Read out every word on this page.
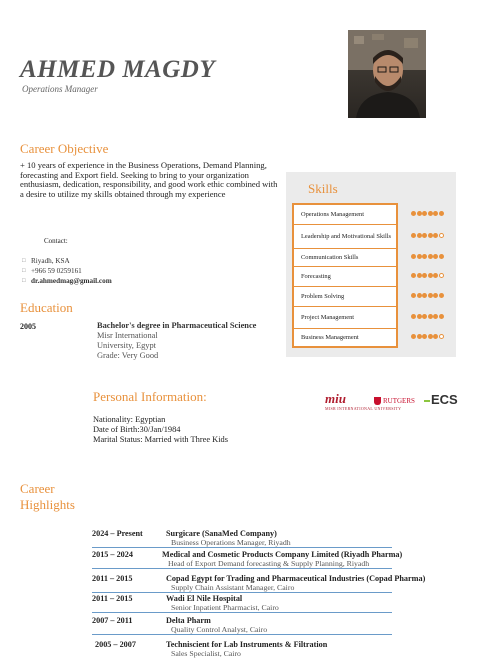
AHMED MAGDY
Operations Manager
Career Objective
+ 10 years of experience in the Business Operations, Demand Planning, forecasting and Export field. Seeking to bring to your organization enthusiasm, dedication, responsibility, and good work ethic combined with a desire to utilize my skills obtained through my experience
Contact:
□ Riyadh, KSA
□ +966 59 0259161
□ dr.ahmedmag@gmail.com
Education
2005	Bachelor's degree in Pharmaceutical Science
Misr International
University, Egypt
Grade: Very Good
Skills
Operations Management
Leadership and Motivational Skills
Communication Skills
Forecasting
Problem Solving
Project Management
Business Management
Personal Information:
Nationality: Egyptian
Date of Birth:30/Jan/1984
Marital Status: Married with Three Kids
miu
MISR INTERNATIONAL UNIVERSITY
RUTGERS	ECS
Career
Highlights
2024 – Present	Surgicare (SanaMed Company)
Business Operations Manager, Riyadh
2015 – 2024	Medical and Cosmetic Products Company Limited (Riyadh Pharma)
Head of Export Demand forecasting & Supply Planning, Riyadh
2011 – 2015	Copad Egypt for Trading and Pharmaceutical Industries (Copad Pharma)
Supply Chain Assistant Manager, Cairo
2011 – 2015	Wadi El Nile Hospital
Senior Inpatient Pharmacist, Cairo
2007 – 2011	Delta Pharm
Quality Control Analyst, Cairo
2005 – 2007	Techniscient for Lab Instruments & Filtration
Sales Specialist, Cairo
